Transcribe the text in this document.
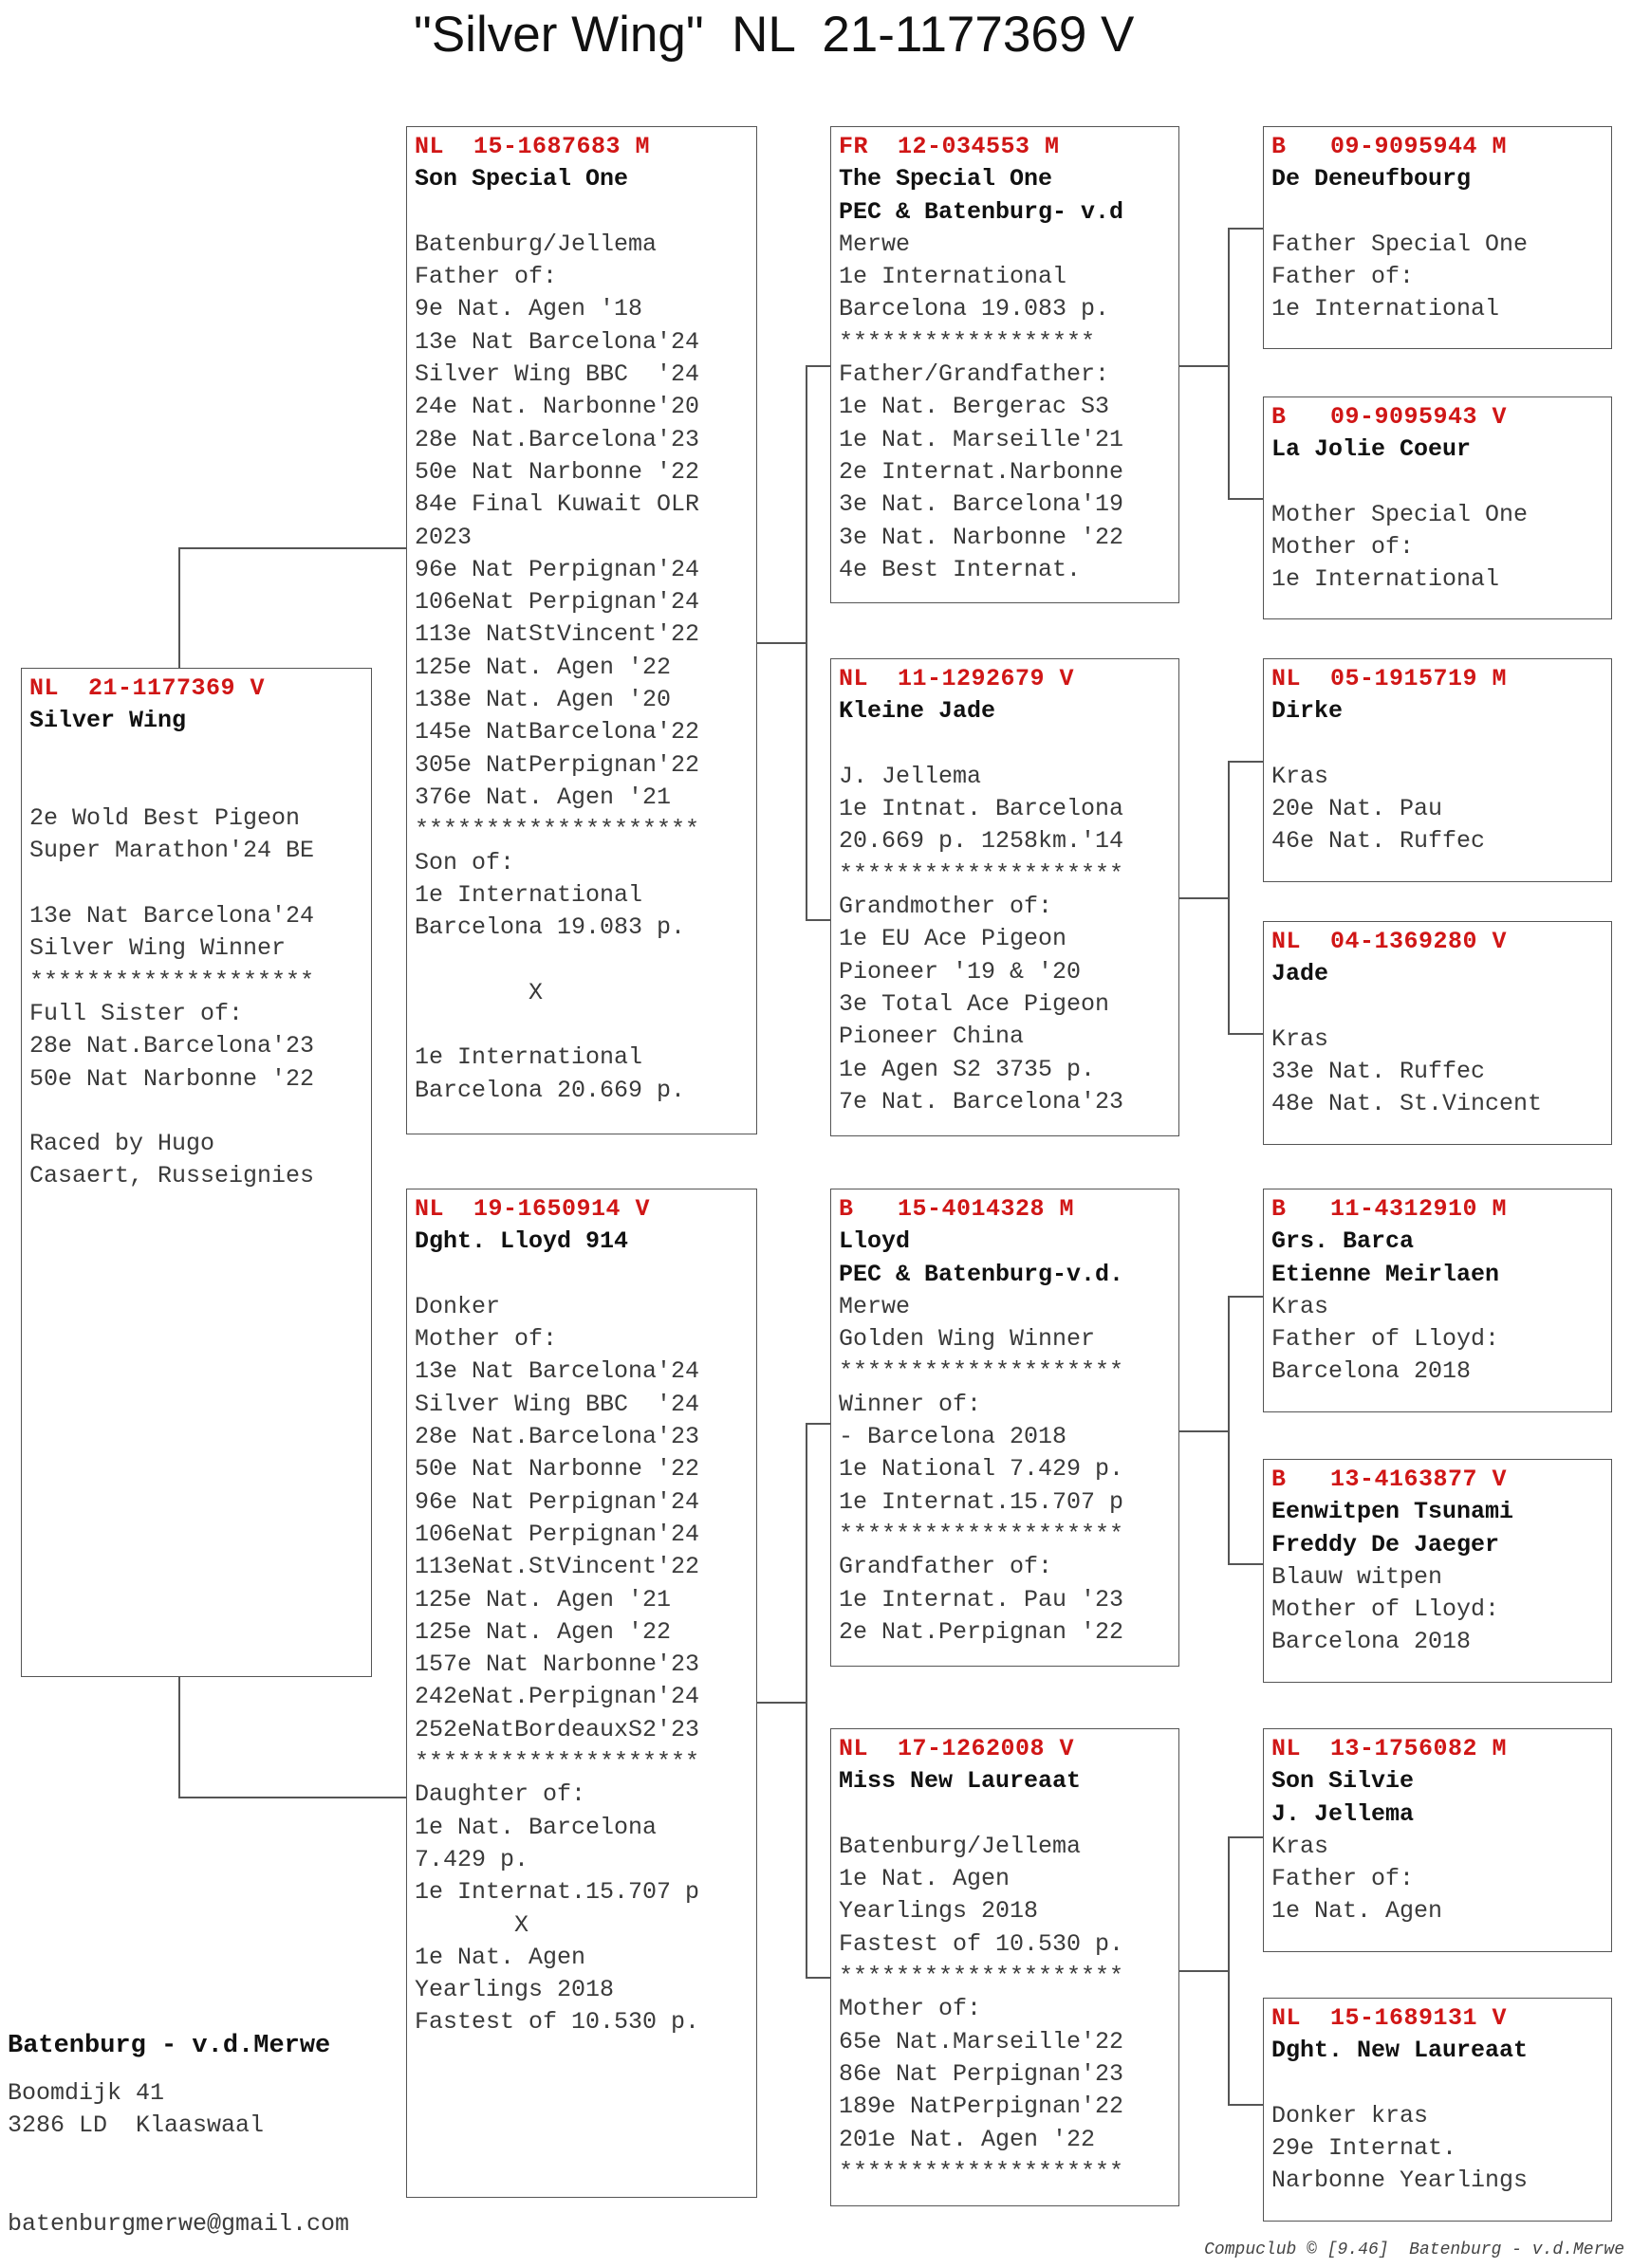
"Silver Wing"  NL  21-1177369 V
NL  21-1177369 V
Silver Wing
2e Wold Best Pigeon
Super Marathon'24 BE
13e Nat Barcelona'24
Silver Wing Winner
********************
Full Sister of:
28e Nat.Barcelona'23
50e Nat Narbonne '22
Raced by Hugo
Casaert, Russeignies
NL  15-1687683 M
Son Special One
Batenburg/Jellema
Father of:
9e Nat. Agen '18
13e Nat Barcelona'24
Silver Wing BBC  '24
24e Nat. Narbonne'20
28e Nat.Barcelona'23
50e Nat Narbonne '22
84e Final Kuwait OLR
2023
96e Nat Perpignan'24
106eNat Perpignan'24
113e NatStVincent'22
125e Nat. Agen '22
138e Nat. Agen '20
145e NatBarcelona'22
305e NatPerpignan'22
376e Nat. Agen '21
********************
Son of:
1e International
Barcelona 19.083 p.
X
1e International
Barcelona 20.669 p.
NL  19-1650914 V
Dght. Lloyd 914
Donker
Mother of:
13e Nat Barcelona'24
Silver Wing BBC  '24
28e Nat.Barcelona'23
50e Nat Narbonne '22
96e Nat Perpignan'24
106eNat Perpignan'24
113eNat.StVincent'22
125e Nat. Agen '21
125e Nat. Agen '22
157e Nat Narbonne'23
242eNat.Perpignan'24
252eNatBordeauxS2'23
********************
Daughter of:
1e Nat. Barcelona
7.429 p.
1e Internat.15.707 p
X
1e Nat. Agen
Yearlings 2018
Fastest of 10.530 p.
FR  12-034553 M
The Special One
PEC & Batenburg- v.d
Merwe
1e International
Barcelona 19.083 p.
******************
Father/Grandfather:
1e Nat. Bergerac S3
1e Nat. Marseille'21
2e Internat.Narbonne
3e Nat. Barcelona'19
3e Nat. Narbonne '22
4e Best Internat.
NL  11-1292679 V
Kleine Jade
J. Jellema
1e Intnat. Barcelona
20.669 p. 1258km.'14
********************
Grandmother of:
1e EU Ace Pigeon
Pioneer '19 & '20
3e Total Ace Pigeon
Pioneer China
1e Agen S2 3735 p.
7e Nat. Barcelona'23
B   15-4014328 M
Lloyd
PEC & Batenburg-v.d.
Merwe
Golden Wing Winner
********************
Winner of:
- Barcelona 2018
1e National 7.429 p.
1e Internat.15.707 p
********************
Grandfather of:
1e Internat. Pau '23
2e Nat.Perpignan '22
NL  17-1262008 V
Miss New Laureaat
Batenburg/Jellema
1e Nat. Agen
Yearlings 2018
Fastest of 10.530 p.
********************
Mother of:
65e Nat.Marseille'22
86e Nat Perpignan'23
189e NatPerpignan'22
201e Nat. Agen '22
********************
B   09-9095944 M
De Deneufbourg
Father Special One
Father of:
1e International
B   09-9095943 V
La Jolie Coeur
Mother Special One
Mother of:
1e International
NL  05-1915719 M
Dirke
Kras
20e Nat. Pau
46e Nat. Ruffec
NL  04-1369280 V
Jade
Kras
33e Nat. Ruffec
48e Nat. St.Vincent
B   11-4312910 M
Grs. Barca
Etienne Meirlaen
Kras
Father of Lloyd:
Barcelona 2018
B   13-4163877 V
Eenwitpen Tsunami
Freddy De Jaeger
Blauw witpen
Mother of Lloyd:
Barcelona 2018
NL  13-1756082 M
Son Silvie
J. Jellema
Kras
Father of:
1e Nat. Agen
NL  15-1689131 V
Dght. New Laureaat
Donker kras
29e Internat.
Narbonne Yearlings
Batenburg - v.d.Merwe
Boomdijk 41
3286 LD  Klaaswaal
batenburgmerwe@gmail.com
Compuclub © [9.46]  Batenburg - v.d.Merwe
